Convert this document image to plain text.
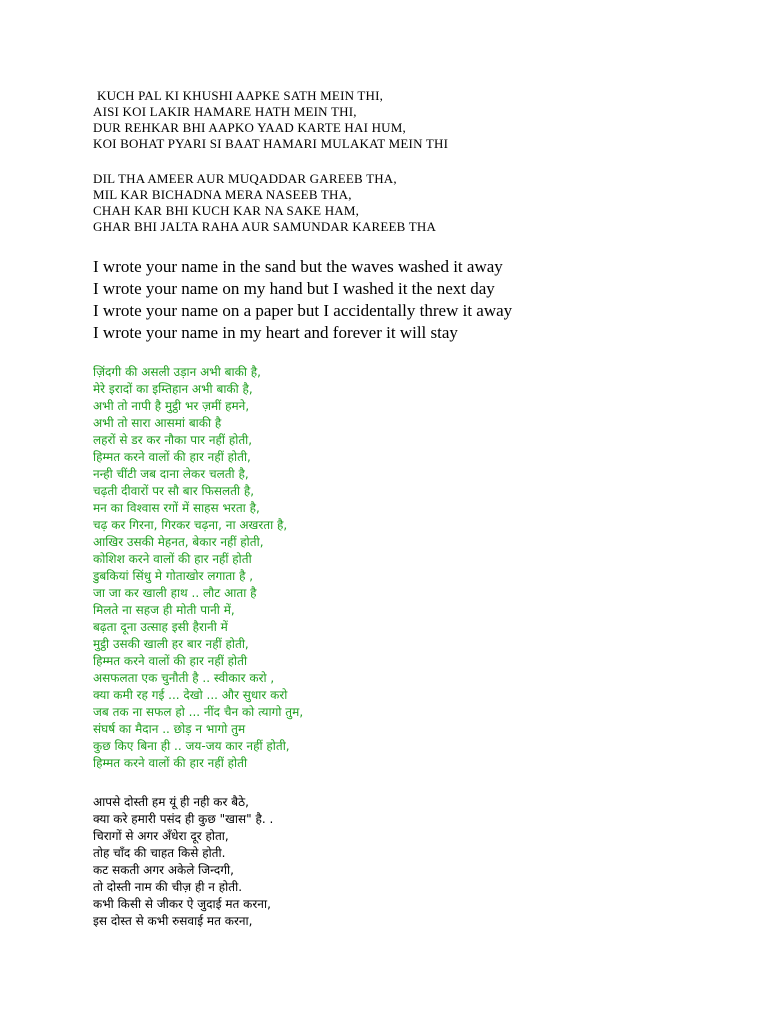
KUCH PAL KI KHUSHI AAPKE SATH MEIN THI,
AISI KOI LAKIR HAMARE HATH MEIN THI,
DUR REHKAR BHI AAPKO YAAD KARTE HAI HUM,
KOI BOHAT PYARI SI BAAT HAMARI MULAKAT MEIN THI
DIL THA AMEER AUR MUQADDAR GAREEB THA,
MIL KAR BICHADNA MERA NASEEB THA,
CHAH KAR BHI KUCH KAR NA SAKE HAM,
GHAR BHI JALTA RAHA AUR SAMUNDAR KAREEB THA
I wrote your name in the sand but the waves washed it away
I wrote your name on my hand but I washed it the next day
I wrote your name on a paper but I accidentally threw it away
I wrote your name in my heart and forever it will stay
ज़िंदगी की असली उड़ान अभी बाकी है,
मेरे इरादों का इम्तिहान अभी बाकी है,
अभी तो नापी है मुट्ठी भर ज़मीं हमने,
अभी तो सारा आसमां बाकी है
लहरों से डर कर नौका पार नहीं होती,
हिम्मत करने वालों की हार नहीं होती,
नन्ही चींटी जब दाना लेकर चलती है,
चढ़ती दीवारों पर सौ बार फिसलती है,
मन का विश्वास रगों में साहस भरता है,
चढ़ कर गिरना, गिरकर चढ़ना, ना अखरता है,
आखिर उसकी मेहनत, बेकार नहीं होती,
कोशिश करने वालों की हार नहीं होती
डुबकियां सिंधु मे गोताखोर लगाता है ,
जा जा कर खाली हाथ .. लौट आता है
मिलते ना सहज ही मोती पानी में,
बढ़ता दूना उत्साह इसी हैरानी में
मुट्ठी उसकी खाली हर बार नहीं होती,
हिम्मत करने वालों की हार नहीं होती
असफलता एक चुनौती है .. स्वीकार करो ,
क्या कमी रह गई ... देखो ... और सुधार करो
जब तक ना सफल हो ... नींद चैन को त्यागो तुम,
संघर्ष का मैदान .. छोड़ न भागो तुम
कुछ किए बिना ही .. जय-जय कार नहीं होती,
हिम्मत करने वालों की हार नहीं होती
आपसे दोस्ती हम यूं ही नही कर बैठे,
क्या करे हमारी पसंद ही कुछ "खास" है. .
चिरागों से अगर अँधेरा दूर होता,
तोह चाँद की चाहत किसे होती.
कट सकती अगर अकेले जिन्दगी,
तो दोस्ती नाम की चीज़ ही न होती.
कभी किसी से जीकर ऐ जुदाई मत करना,
इस दोस्त से कभी रुसवाई मत करना,
